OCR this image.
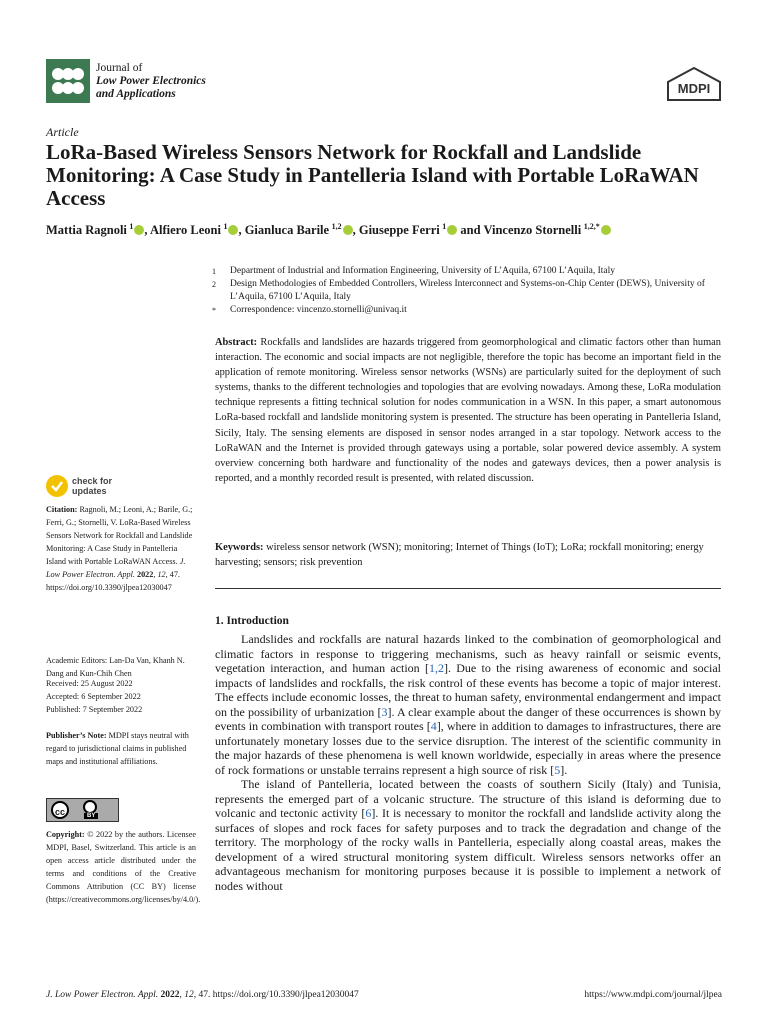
Journal of
Low Power Electronics
and Applications	MDPI
Article
LoRa-Based Wireless Sensors Network for Rockfall and Landslide Monitoring: A Case Study in Pantelleria Island with Portable LoRaWAN Access
Mattia Ragnoli  $^1$ , Alfiero Leoni  $^1$ , Gianluca Barile  $^{1,2}$ , Giuseppe Ferri  $^1$ and Vincenzo Stornelli  $^{1,2,*}$
1	Department of Industrial and Information Engineering, University of L’Aquila, 67100 L’Aquila, Italy
2	Design Methodologies of Embedded Controllers, Wireless Interconnect and Systems-on-Chip Center (DEWS), University of L’Aquila, 67100 L’Aquila, Italy
*	Correspondence: vincenzo.stornelli@univaq.it

Abstract: Rockfalls and landslides are hazards triggered from geomorphological and climatic factors other than human interaction. The economic and social impacts are not negligible, therefore the topic has become an important field in the application of remote monitoring. Wireless sensor networks (WSNs) are particularly suited for the deployment of such systems, thanks to the different technologies and topologies that are evolving nowadays. Among these, LoRa modulation technique represents a fitting technical solution for nodes communication in a WSN. In this paper, a smart autonomous LoRa-based rockfall and landslide monitoring system is presented. The structure has been operating in Pantelleria Island, Sicily, Italy. The sensing elements are disposed in sensor nodes arranged in a star topology. Network access to the LoRaWAN and the Internet is provided through gateways using a portable, solar powered device assembly. A system overview concerning both hardware and functionality of the nodes and gateways devices, then a power analysis is reported, and a monthly recorded result is presented, with related discussion.

Keywords: wireless sensor network (WSN); monitoring; Internet of Things (IoT); LoRa; rockfall monitoring; energy harvesting; sensors; risk prevention

check for
updates
Citation: Ragnoli, M.; Leoni, A.; Barile, G.; Ferri, G.; Stornelli, V. LoRa-Based Wireless Sensors Network for Rockfall and Landslide Monitoring: A Case Study in Pantelleria Island with Portable LoRaWAN Access. J. Low Power Electron. Appl. 2022, 12, 47. https://doi.org/10.3390/jlpea12030047
Academic Editors: Lan-Da Van, Khanh N. Dang and Kun-Chih Chen
Received: 25 August 2022
Accepted: 6 September 2022
Published: 7 September 2022
Publisher’s Note: MDPI stays neutral with regard to jurisdictional claims in published maps and institutional affiliations.
cc	BY
Copyright: © 2022 by the authors. Licensee MDPI, Basel, Switzerland. This article is an open access article distributed under the terms and conditions of the Creative Commons Attribution (CC BY) license (https://creativecommons.org/licenses/by/4.0/).
1. Introduction

Landslides and rockfalls are natural hazards linked to the combination of geomorphological and climatic factors in response to triggering mechanisms, such as heavy rainfall or seismic events, vegetation interaction, and human action [1,2]. Due to the rising awareness of economic and social impacts of landslides and rockfalls, the risk control of these events has become a topic of major interest. The effects include economic losses, the threat to human safety, environmental endangerment and impact on the possibility of urbanization [3]. A clear example about the danger of these occurrences is shown by events in combination with transport routes [4], where in addition to damages to infrastructures, there are unfortunately monetary losses due to the service disruption. The interest of the scientific community in the major hazards of these phenomena is well known worldwide, especially in areas where the presence of rock formations or unstable terrains represent a high source of risk [5].

The island of Pantelleria, located between the coasts of southern Sicily (Italy) and Tunisia, represents the emerged part of a volcanic structure. The structure of this island is deforming due to volcanic and tectonic activity [6]. It is necessary to monitor the rockfall and landslide activity along the surfaces of slopes and rock faces for safety purposes and to track the degradation and change of the territory. The morphology of the rocky walls in Pantelleria, especially along coastal areas, makes the development of a wired structural monitoring system difficult. Wireless sensors networks offer an advantageous mechanism for monitoring purposes because it is possible to implement a network of nodes without

J. Low Power Electron. Appl. 2022, 12, 47. https://doi.org/10.3390/jlpea12030047	https://www.mdpi.com/journal/jlpea
